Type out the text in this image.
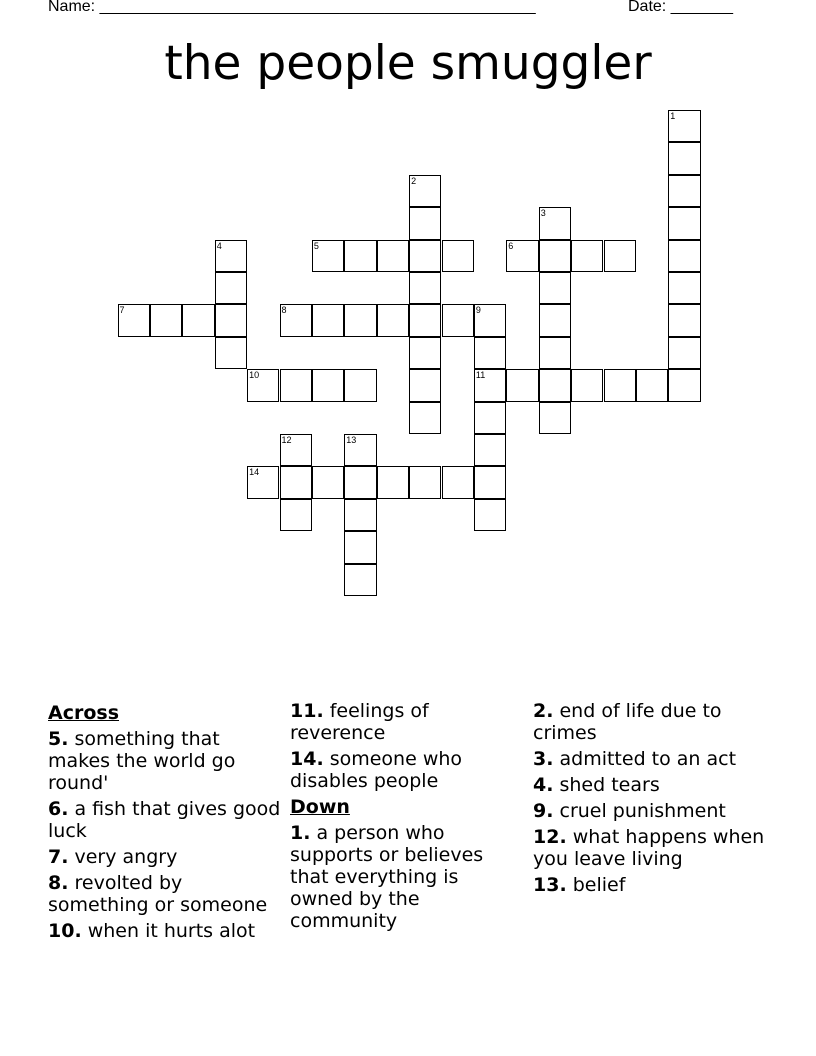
Name: _________________________________________________	Date: _______
the people smuggler
1
2
3
4	5	6
7	8	9
11
10
12	13
14
Across
5. something that makes the world go round'
6. a fish that gives good luck
7. very angry
8. revolted by something or someone
10. when it hurts alot
11. feelings of reverence
14. someone who disables people
Down
1. a person who supports or believes that everything is owned by the community
2. end of life due to crimes
3. admitted to an act
4. shed tears
9. cruel punishment
12. what happens when you leave living
13. belief
